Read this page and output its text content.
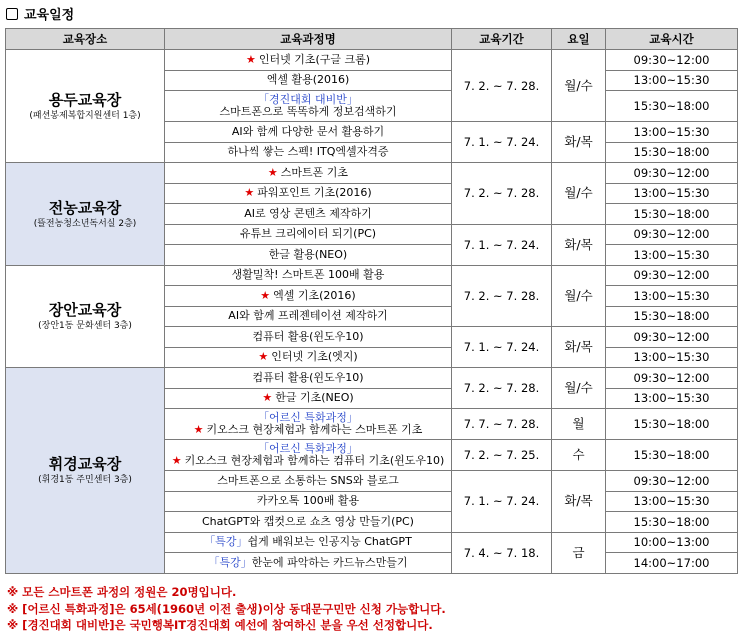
교육일정
교육장소	교육과정명	교육기간	요일	교육시간

용두교육장
(패션봉제복합지원센터 1층)	★ 인터넷 기초(구글 크롬)	7. 2. ~ 7. 28.	월/수	09:30~12:00
	엑셀 활용(2016)			13:00~15:30

	「경진대회 대비반」
스마트폰으로 똑똑하게 정보검색하기			15:30~18:00
	AI와 함께 다양한 문서 활용하기	7. 1. ~ 7. 24.	화/목	13:00~15:30
	하나씩 쌓는 스펙! ITQ엑셀자격증			15:30~18:00

전농교육장
(뜰전농청소년독서실 2층)	★ 스마트폰 기초	7. 2. ~ 7. 28.	월/수	09:30~12:00
	★ 파워포인트 기초(2016)			13:00~15:30
	AI로 영상 콘텐츠 제작하기			15:30~18:00
	유튜브 크리에이터 되기(PC)	7. 1. ~ 7. 24.	화/목	09:30~12:00
	한글 활용(NEO)			13:00~15:30

장안교육장
(장안1동 문화센터 3층)	생활밀착! 스마트폰 100배 활용	7. 2. ~ 7. 28.	월/수	09:30~12:00
	★ 엑셀 기초(2016)			13:00~15:30
	AI와 함께 프레젠테이션 제작하기			15:30~18:00
	컴퓨터 활용(윈도우10)	7. 1. ~ 7. 24.	화/목	09:30~12:00
	★ 인터넷 기초(엣지)			13:00~15:30

휘경교육장
(휘경1동 주민센터 3층)	컴퓨터 활용(윈도우10)	7. 2. ~ 7. 28.	월/수	09:30~12:00
	★ 한글 기초(NEO)			13:00~15:30

	「어르신 특화과정」
★ 키오스크 현장체험과 함께하는 스마트폰 기초	7. 7. ~ 7. 28.	월	15:30~18:00

	「어르신 특화과정」
★ 키오스크 현장체험과 함께하는 컴퓨터 기초(윈도우10)	7. 2. ~ 7. 25.	수	15:30~18:00
	스마트폰으로 소통하는 SNS와 블로그	7. 1. ~ 7. 24.	화/목	09:30~12:00
	카카오톡 100배 활용			13:00~15:30
	ChatGPT와 캡컷으로 쇼츠 영상 만들기(PC)			15:30~18:00
	「특강」쉽게 배워보는 인공지능 ChatGPT	7. 4. ~ 7. 18.	금	10:00~13:00
	「특강」한눈에 파악하는 카드뉴스만들기			14:00~17:00
※ 모든 스마트폰 과정의 정원은 20명입니다.
※ [어르신 특화과정]은 65세(1960년 이전 출생)이상 동대문구민만 신청 가능합니다.
※ [경진대회 대비반]은 국민행복IT경진대회 예선에 참여하신 분을 우선 선정합니다.
